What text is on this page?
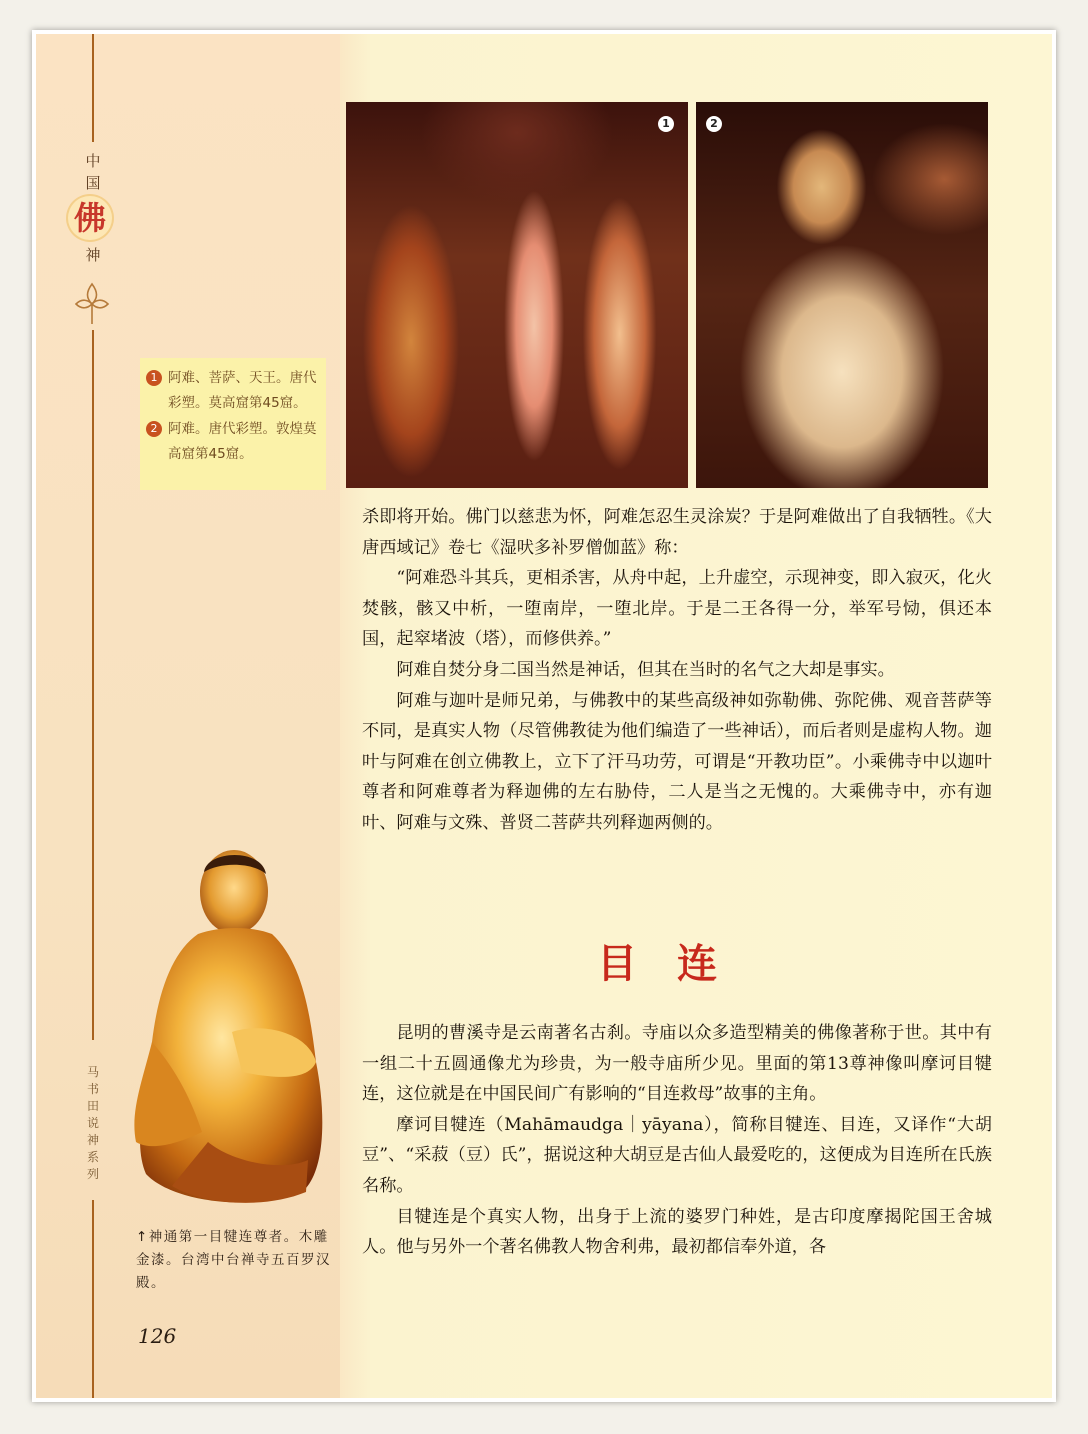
中
国
佛
神
马书田说神系列
1 阿难、菩萨、天王。唐代彩塑。莫高窟第45窟。
2 阿难。唐代彩塑。敦煌莫高窟第45窟。
↑神通第一目犍连尊者。木雕金漆。台湾中台禅寺五百罗汉殿。
126
1	2

杀即将开始。佛门以慈悲为怀，阿难怎忍生灵涂炭？于是阿难做出了自我牺牲。《大唐西域记》卷七《湿吠多补罗僧伽蓝》称：

“阿难恐斗其兵，更相杀害，从舟中起，上升虚空，示现神变，即入寂灭，化火焚骸，骸又中析，一堕南岸，一堕北岸。于是二王各得一分，举军号恸，俱还本国，起窣堵波（塔），而修供养。”

阿难自焚分身二国当然是神话，但其在当时的名气之大却是事实。

阿难与迦叶是师兄弟，与佛教中的某些高级神如弥勒佛、弥陀佛、观音菩萨等不同，是真实人物（尽管佛教徒为他们编造了一些神话），而后者则是虚构人物。迦叶与阿难在创立佛教上，立下了汗马功劳，可谓是“开教功臣”。小乘佛寺中以迦叶尊者和阿难尊者为释迦佛的左右胁侍，二人是当之无愧的。大乘佛寺中，亦有迦叶、阿难与文殊、普贤二菩萨共列释迦两侧的。

目连

昆明的曹溪寺是云南著名古刹。寺庙以众多造型精美的佛像著称于世。其中有一组二十五圆通像尤为珍贵，为一般寺庙所少见。里面的第13尊神像叫摩诃目犍连，这位就是在中国民间广有影响的“目连救母”故事的主角。

摩诃目犍连（Mahāmaudga｜yāyana），简称目犍连、目连，又译作“大胡豆”、“采菽（豆）氏”，据说这种大胡豆是古仙人最爱吃的，这便成为目连所在氏族名称。

目犍连是个真实人物，出身于上流的婆罗门种姓，是古印度摩揭陀国王舍城人。他与另外一个著名佛教人物舍利弗，最初都信奉外道，各
